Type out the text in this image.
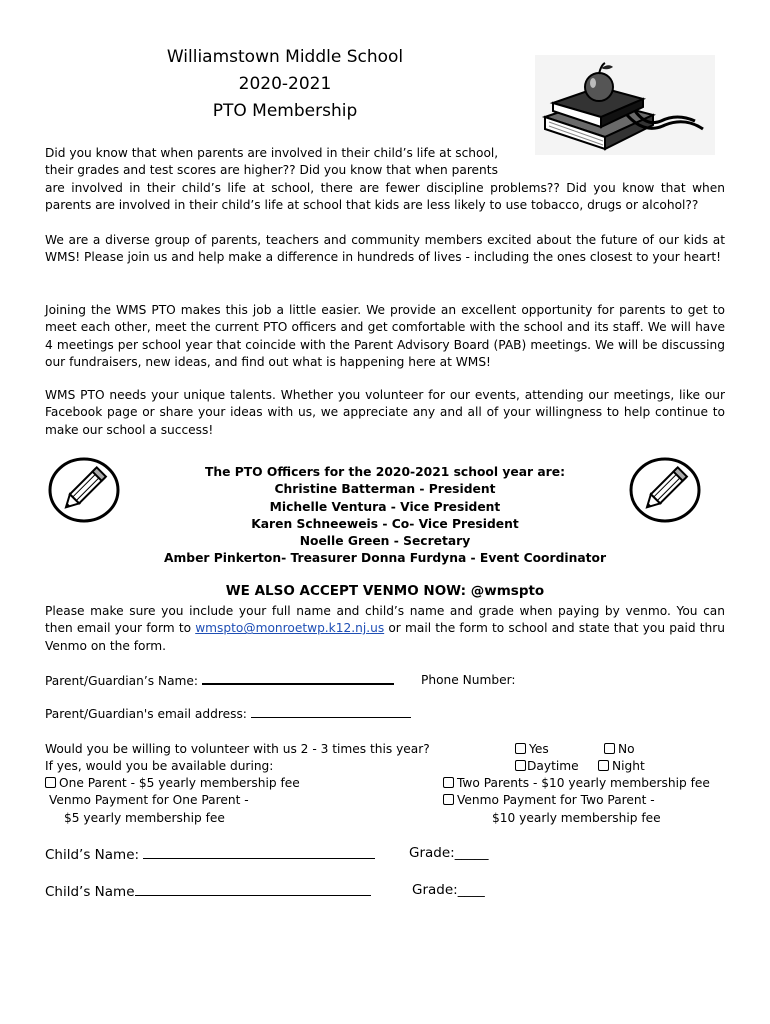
Williamstown Middle School
2020-2021
PTO Membership
Did you know that when parents are involved in their child’s life at school,
their grades and test scores are higher?? Did you know that when parents
are involved in their child’s life at school, there are fewer discipline problems?? Did you know that when parents are involved in their child’s life at school that kids are less likely to use tobacco, drugs or alcohol??
We are a diverse group of parents, teachers and community members excited about the future of our kids at WMS! Please join us and help make a difference in hundreds of lives - including the ones closest to your heart!
Joining the WMS PTO makes this job a little easier. We provide an excellent opportunity for parents to get to meet each other, meet the current PTO officers and get comfortable with the school and its staff. We will have 4 meetings per school year that coincide with the Parent Advisory Board (PAB) meetings. We will be discussing our fundraisers, new ideas, and find out what is happening here at WMS!
WMS PTO needs your unique talents. Whether you volunteer for our events, attending our meetings, like our Facebook page or share your ideas with us, we appreciate any and all of your willingness to help continue to make our school a success!
The PTO Officers for the 2020-2021 school year are:
Christine Batterman - President
Michelle Ventura - Vice President
Karen Schneeweis - Co- Vice President
Noelle Green - Secretary
Amber Pinkerton- Treasurer Donna Furdyna - Event Coordinator
WE ALSO ACCEPT VENMO NOW: @wmspto
Please make sure you include your full name and child’s name and grade when paying by venmo. You can then email your form to wmspto@monroetwp.k12.nj.us or mail the form to school and state that you paid thru Venmo on the form.
Parent/Guardian’s Name:	Phone Number:
Parent/Guardian's email address:
Would you be willing to volunteer with us 2 - 3 times this year?	Yes	No
If yes, would you be available during:	Daytime	Night
One Parent - $5 yearly membership fee	Two Parents - $10 yearly membership fee
Venmo Payment for One Parent -	Venmo Payment for Two Parent -
$5 yearly membership fee	$10 yearly membership fee
Child’s Name:	Grade:_____
Child’s Name	Grade:____
